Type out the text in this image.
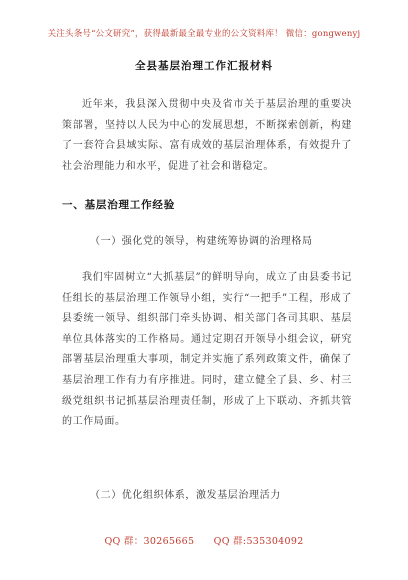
关注头条号“公文研究”，获得最新最全最专业的公文资料库！ 微信：gongwenyj
全县基层治理工作汇报材料

近年来，我县深入贯彻中央及省市关于基层治理的重要决策部署，坚持以人民为中心的发展思想，不断探索创新，构建了一套符合县域实际、富有成效的基层治理体系，有效提升了社会治理能力和水平，促进了社会和谐稳定。

一、基层治理工作经验
（一）强化党的领导，构建统筹协调的治理格局

我们牢固树立“大抓基层”的鲜明导向，成立了由县委书记任组长的基层治理工作领导小组，实行“一把手”工程，形成了县委统一领导、组织部门牵头协调、相关部门各司其职、基层单位具体落实的工作格局。通过定期召开领导小组会议，研究部署基层治理重大事项，制定并实施了系列政策文件，确保了基层治理工作有力有序推进。同时，建立健全了县、乡、村三级党组织书记抓基层治理责任制，形成了上下联动、齐抓共管的工作局面。

（二）优化组织体系，激发基层治理活力
QQ 群：30265665 QQ 群:535304092
